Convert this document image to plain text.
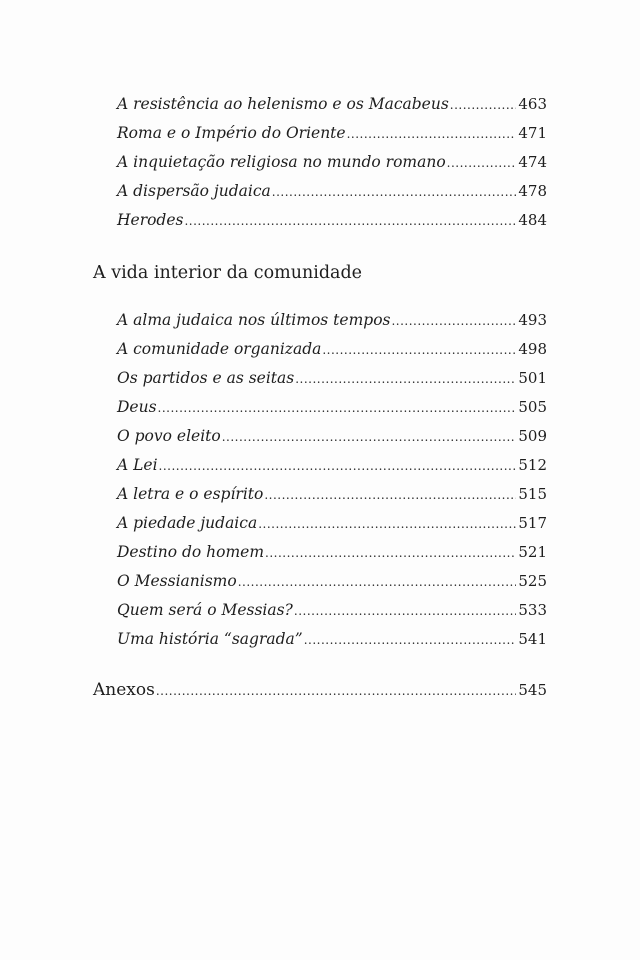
A resistência ao helenismo e os Macabeus .....	463
Roma e o Império do Oriente .....	471
A inquietação religiosa no mundo romano .....	474
A dispersão judaica .....	478
Herodes .....	484
A vida interior da comunidade
A alma judaica nos últimos tempos .....	493
A comunidade organizada .....	498
Os partidos e as seitas .....	501
Deus .....	505
O povo eleito .....	509
A Lei .....	512
A letra e o espírito .....	515
A piedade judaica .....	517
Destino do homem .....	521
O Messianismo .....	525
Quem será o Messias? .....	533
Uma história “sagrada” .....	541
Anexos .....	545
